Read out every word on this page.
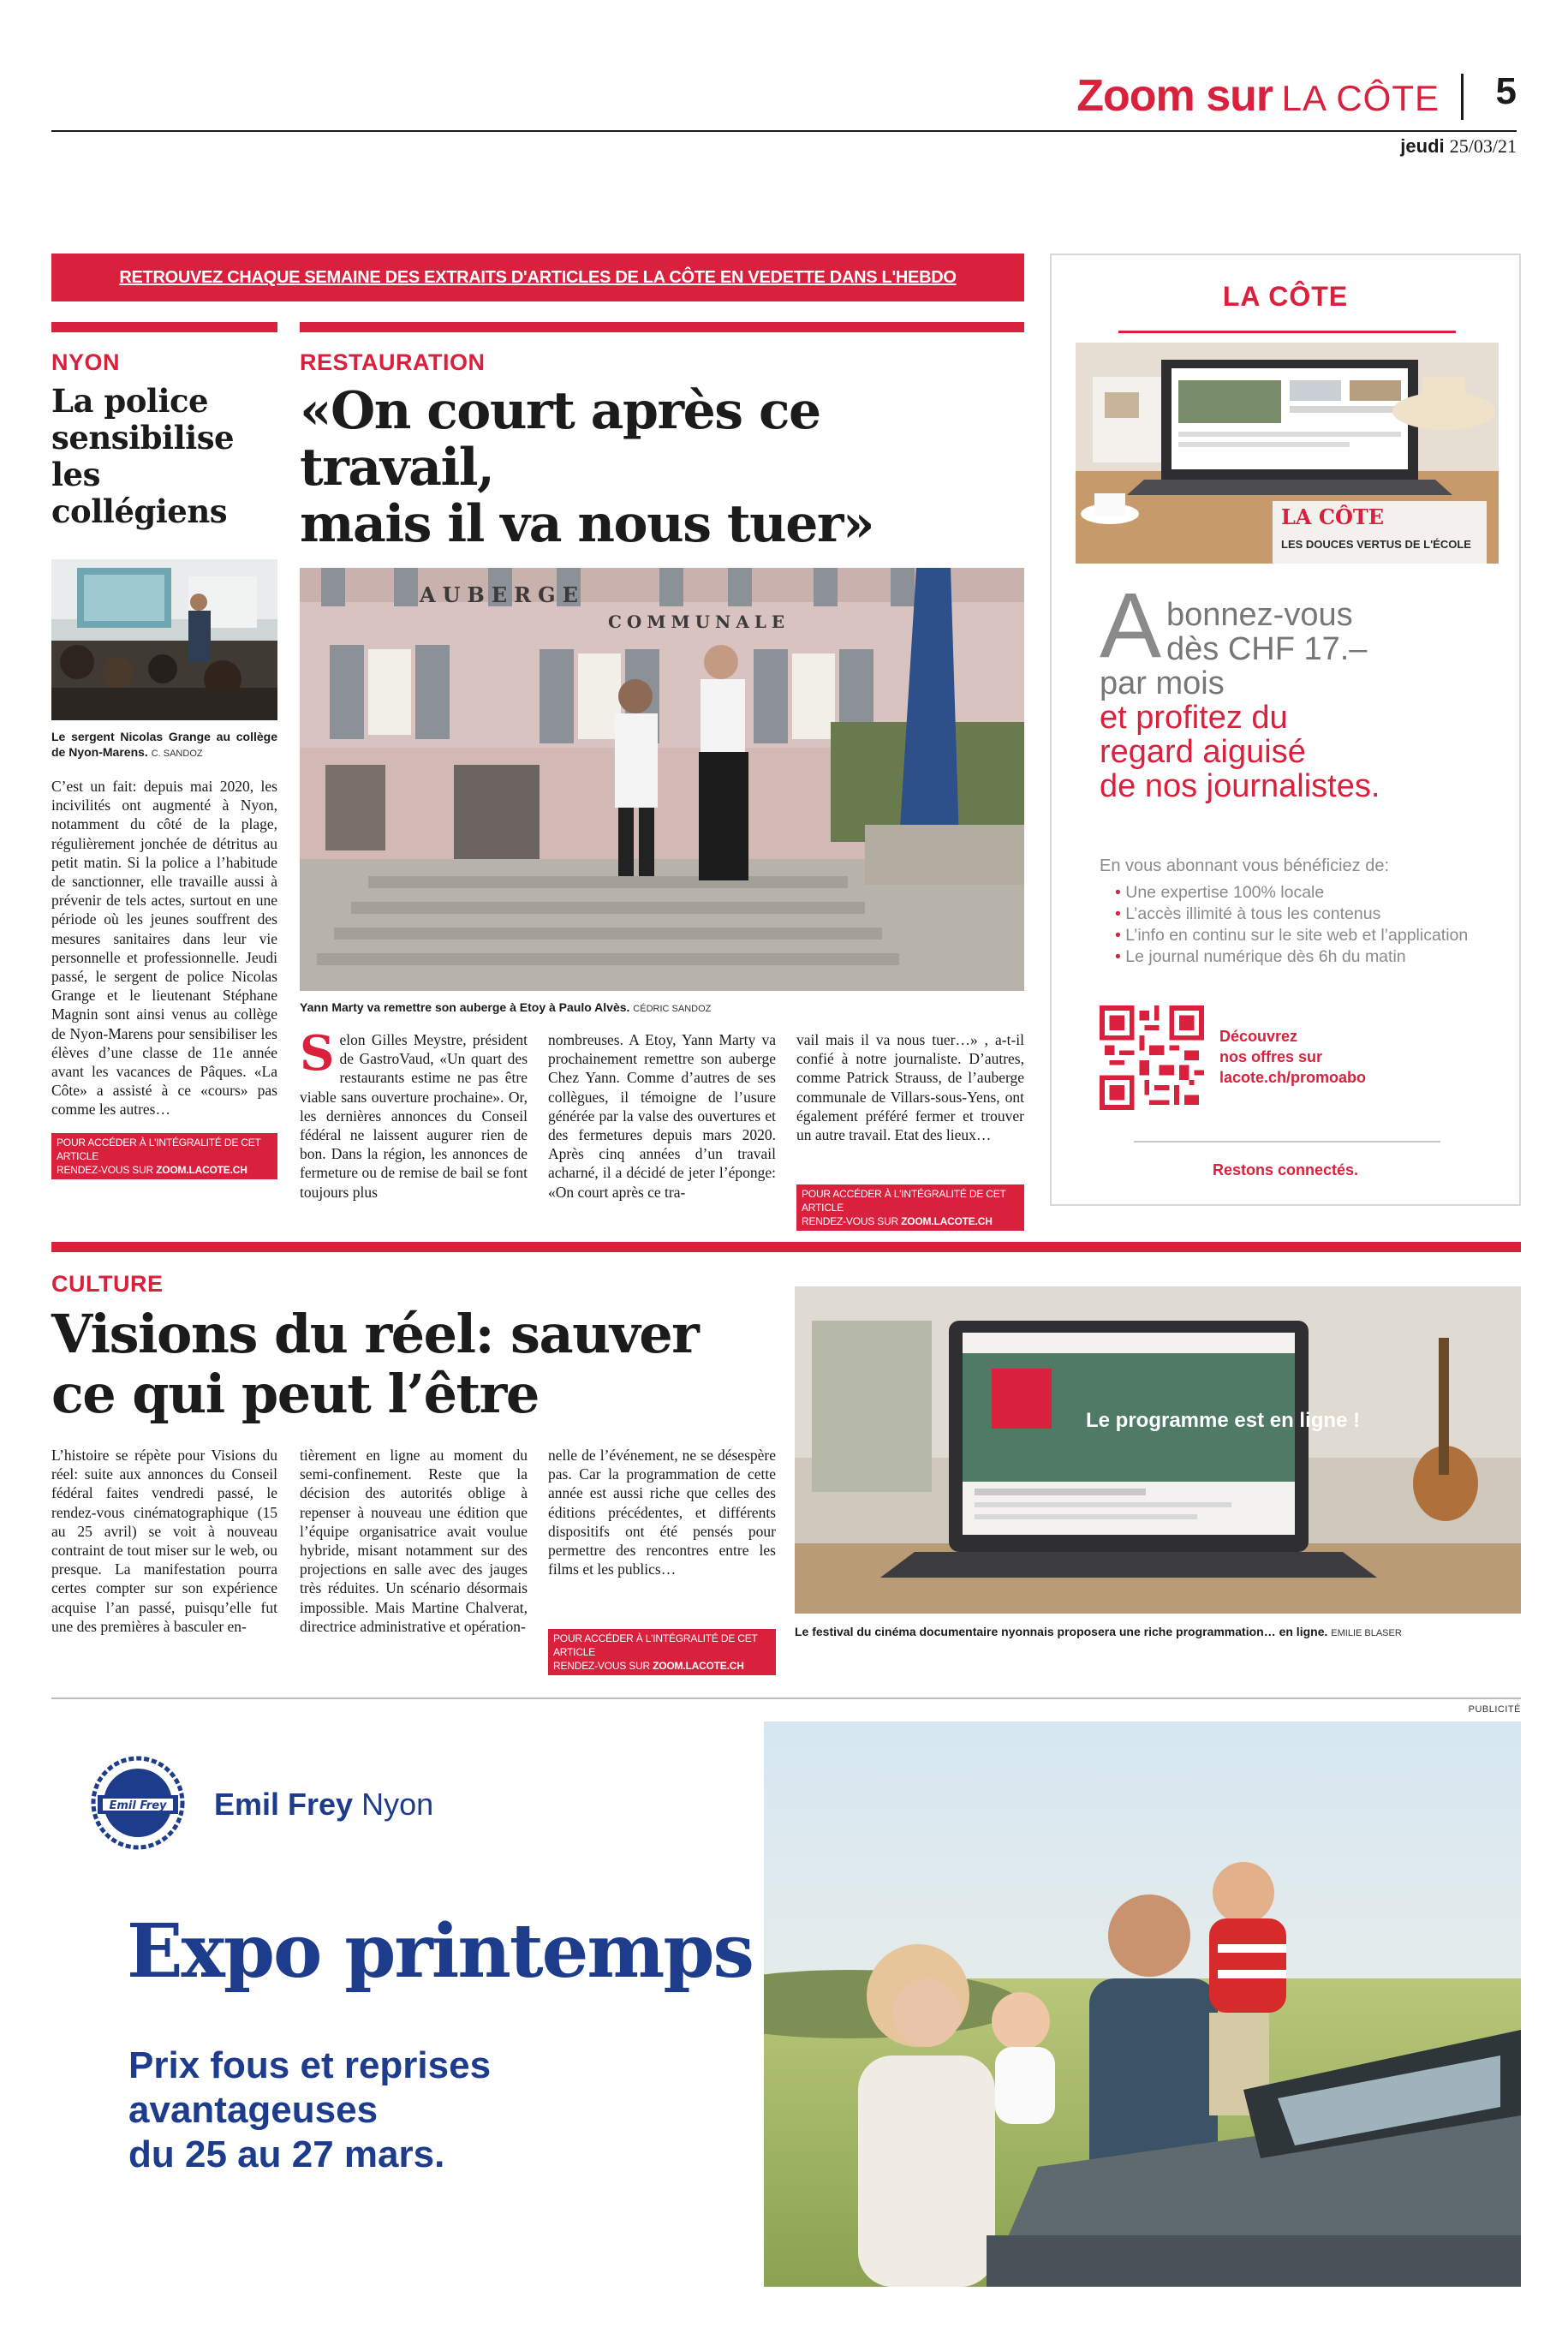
Zoom sur LA CÔTE 5
jeudi 25/03/21
RETROUVEZ CHAQUE SEMAINE DES EXTRAITS D'ARTICLES DE LA CÔTE EN VEDETTE DANS L'HEBDO
NYON
La police
sensibilise
les collégiens
Le sergent Nicolas Grange au collège de Nyon-Marens. C. SANDOZ
C’est un fait: depuis mai 2020, les incivilités ont augmenté à Nyon, notamment du côté de la plage, régulièrement jonchée de détritus au petit matin. Si la police a l’habitude de sanctionner, elle travaille aussi à prévenir de tels actes, surtout en une période où les jeunes souffrent des mesures sanitaires dans leur vie personnelle et professionnelle. Jeudi passé, le sergent de police Nicolas Grange et le lieutenant Stéphane Magnin sont ainsi venus au collège de Nyon-Marens pour sensibiliser les élèves d’une classe de 11e année avant les vacances de Pâques. «La Côte» a assisté à ce «cours» pas comme les autres…
POUR ACCÉDER À L'INTÉGRALITÉ DE CET ARTICLE
RENDEZ-VOUS SUR ZOOM.LACOTE.CH
RESTAURATION
«On court après ce travail,
mais il va nous tuer»
AUBERGE
COMMUNALE
Yann Marty va remettre son auberge à Etoy à Paulo Alvès. CÉDRIC SANDOZ
Selon Gilles Meystre, président de GastroVaud, «Un quart des restaurants estime ne pas être viable sans ouverture prochaine». Or, les dernières annonces du Conseil fédéral ne laissent augurer rien de bon. Dans la région, les annonces de fermeture ou de remise de bail se font toujours plus
nombreuses. A Etoy, Yann Marty va prochainement remettre son auberge Chez Yann. Comme d’autres de ses collègues, il témoigne de l’usure générée par la valse des ouvertures et des fermetures depuis mars 2020. Après cinq années d’un travail acharné, il a décidé de jeter l’éponge: «On court après ce tra-
vail mais il va nous tuer…» , a-t-il confié à notre journaliste. D’autres, comme Patrick Strauss, de l’auberge communale de Villars-sous-Yens, ont également préféré fermer et trouver un autre travail. Etat des lieux…
POUR ACCÉDER À L'INTÉGRALITÉ DE CET ARTICLE
RENDEZ-VOUS SUR ZOOM.LACOTE.CH
LA CÔTE
LA CÔTE
LES DOUCES VERTUS DE L'ÉCOLE
A bonnez-vous
dès CHF 17.–
par mois
et profitez du
regard aiguisé
de nos journalistes.
En vous abonnant vous bénéficiez de:
• Une expertise 100% locale
• L’accès illimité à tous les contenus
• L’info en continu sur le site web et l’application
• Le journal numérique dès 6h du matin
Découvrez
nos offres sur
lacote.ch/promoabo
Restons connectés.
CULTURE
Visions du réel: sauver
ce qui peut l’être
L’histoire se répète pour Visions du réel: suite aux annonces du Conseil fédéral faites vendredi passé, le rendez-vous cinématographique (15 au 25 avril) se voit à nouveau contraint de tout miser sur le web, ou presque. La manifestation pourra certes compter sur son expérience acquise l’an passé, puisqu’elle fut une des premières à basculer en-
tièrement en ligne au moment du semi-confinement. Reste que la décision des autorités oblige à repenser à nouveau une édition que l’équipe organisatrice avait voulue hybride, misant notamment sur des projections en salle avec des jauges très réduites. Un scénario désormais impossible. Mais Martine Chalverat, directrice administrative et opération-
nelle de l’événement, ne se désespère pas. Car la programmation de cette année est aussi riche que celles des éditions précédentes, et différents dispositifs ont été pensés pour permettre des rencontres entre les films et les publics…
POUR ACCÉDER À L'INTÉGRALITÉ DE CET ARTICLE
RENDEZ-VOUS SUR ZOOM.LACOTE.CH
Le programme est en ligne !
Le festival du cinéma documentaire nyonnais proposera une riche programmation… en ligne. EMILIE BLASER
PUBLICITÉ
Emil Frey Emil Frey Nyon
Expo printemps
Prix fous et reprises
avantageuses
du 25 au 27 mars.
